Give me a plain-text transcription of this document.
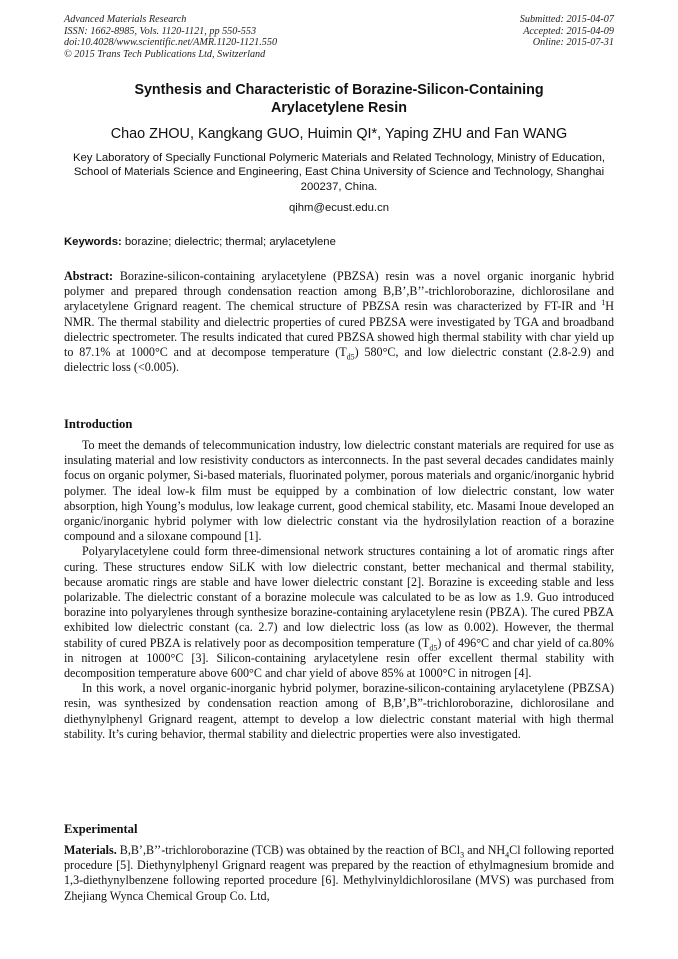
Advanced Materials Research
ISSN: 1662-8985, Vols. 1120-1121, pp 550-553
doi:10.4028/www.scientific.net/AMR.1120-1121.550
© 2015 Trans Tech Publications Ltd, Switzerland
Submitted: 2015-04-07
Accepted: 2015-04-09
Online: 2015-07-31
Synthesis and Characteristic of Borazine-Silicon-Containing
Arylacetylene Resin
Chao ZHOU, Kangkang GUO, Huimin QI*, Yaping ZHU and Fan WANG
Key Laboratory of Specially Functional Polymeric Materials and Related Technology, Ministry of Education, School of Materials Science and Engineering, East China University of Science and Technology, Shanghai 200237, China.
qihm@ecust.edu.cn
Keywords: borazine; dielectric; thermal; arylacetylene

Abstract: Borazine-silicon-containing arylacetylene (PBZSA) resin was a novel organic inorganic hybrid polymer and prepared through condensation reaction among B,B’,B’’-trichloroborazine, dichlorosilane and arylacetylene Grignard reagent. The chemical structure of PBZSA resin was characterized by FT-IR and $^1$H NMR. The thermal stability and dielectric properties of cured PBZSA were investigated by TGA and broadband dielectric spectrometer. The results indicated that cured PBZSA showed high thermal stability with char yield up to 87.1% at 1000°C and at decompose temperature $(T_{d5})$ 580°C, and low dielectric constant (2.8-2.9) and dielectric loss (<0.005).

Introduction

To meet the demands of telecommunication industry, low dielectric constant materials are required for use as insulating material and low resistivity conductors as interconnects. In the past several decades candidates mainly focus on organic polymer, Si-based materials, fluorinated polymer, porous materials and organic/inorganic hybrid polymer. The ideal low-k film must be equipped by a combination of low dielectric constant, low water absorption, high Young’s modulus, low leakage current, good chemical stability, etc. Masami Inoue developed an organic/inorganic hybrid polymer with low dielectric constant via the hydrosilylation reaction of a borazine compound and a siloxane compound [1].

Polyarylacetylene could form three-dimensional network structures containing a lot of aromatic rings after curing. These structures endow SiLK with low dielectric constant, better mechanical and thermal stability, because aromatic rings are stable and have lower dielectric constant [2]. Borazine is exceeding stable and less polarizable. The dielectric constant of a borazine molecule was calculated to be as low as 1.9. Guo introduced borazine into polyarylenes through synthesize borazine-containing arylacetylene resin (PBZA). The cured PBZA exhibited low dielectric constant (ca. 2.7) and low dielectric loss (as low as 0.002). However, the thermal stability of cured PBZA is relatively poor as decomposition temperature $(T_{d5})$ of 496°C and char yield of ca.80% in nitrogen at 1000°C [3]. Silicon-containing arylacetylene resin offer excellent thermal stability with decomposition temperature above 600°C and char yield of above 85% at 1000°C in nitrogen [4].

In this work, a novel organic-inorganic hybrid polymer, borazine-silicon-containing arylacetylene (PBZSA) resin, was synthesized by condensation reaction among of B,B’,B”-trichloroborazine, dichlorosilane and diethynylphenyl Grignard reagent, attempt to develop a low dielectric constant material with high thermal stability. It’s curing behavior, thermal stability and dielectric properties were also investigated.

Experimental

Materials. B,B’,B’’-trichloroborazine (TCB) was obtained by the reaction of BCl$_3$ and $NH_4Cl$ following reported procedure [5]. Diethynylphenyl Grignard reagent was prepared by the reaction of ethylmagnesium bromide and 1,3-diethynylbenzene following reported procedure [6]. Methylvinyldichlorosilane (MVS) was purchased from Zhejiang Wynca Chemical Group Co. Ltd,
